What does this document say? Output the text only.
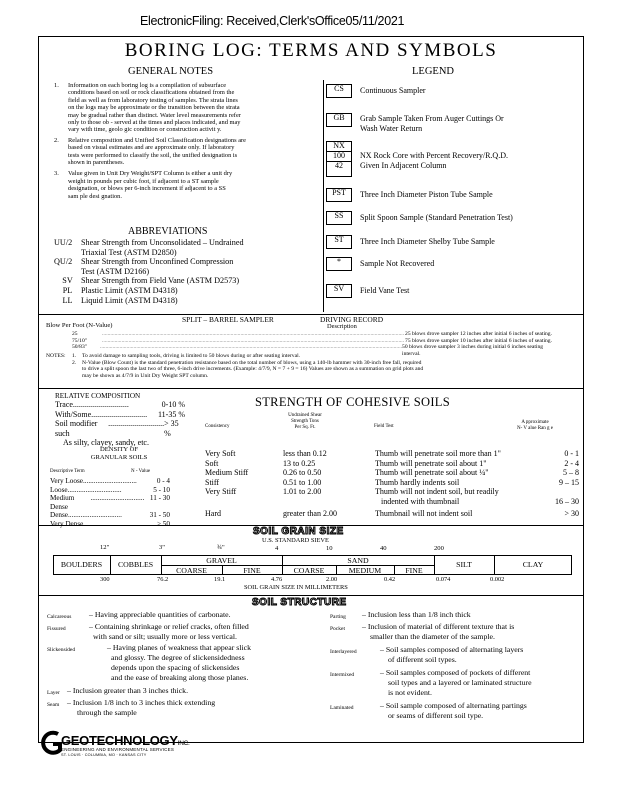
ElectronicFiling: Received,Clerk'sOffice05/11/2021
BORING LOG: TERMS AND SYMBOLS
GENERAL NOTES
1.	Information on each boring log is a compilation of subsurface
conditions based on soil or rock classifications obtained from the
field as well as from laboratory testing of samples. The strata lines
on the logs may be approximate or the transition between the strata
may be gradual rather than distinct. Water level measurements refer
only to those ob - served at the times and places indicated, and may
vary with time, geolo gic condition or construction activit y.
2.	Relative composition and Unified Soil Classification designations are
based on visual estimates and are approximate only. If laboratory
tests were performed to classify the soil, the unified designation is
shown in parentheses.
3.	Value given in Unit Dry Weight/SPT Column is either a unit dry
weight in pounds per cubic foot, if adjacent to a ST sample
designation, or blows per 6-inch increment if adjacent to a SS
sam ple desi gnation.
ABBREVIATIONS
UU/2	Shear Strength from Unconsolidated – Undrained
Triaxial Test (ASTM D2850)
QU/2	Shear Strength from Unconfined Compression
Test (ASTM D2166)
SV	Shear Strength from Field Vane (ASTM D2573)
PL	Plastic Limit (ASTM D4318)
LL	Liquid Limit (ASTM D4318)
LEGEND
CS	Continuous Sampler
GB	Grab Sample Taken From Auger Cuttings Or
Wash Water Return
NX
100
42
NX Rock Core with Percent Recovery/R.Q.D.
Given In Adjacent Column
PST	Three Inch Diameter Piston Tube Sample
SS	Split Spoon Sample (Standard Penetration Test)
ST	Three Inch Diameter Shelby Tube Sample
*	Sample Not Recovered
SV	Field Vane Test
SPLIT – BARREL SAMPLER	DRIVING RECORD
Description
Blow Per Foot (N-Value)
25	........................................................................................................................................................................................................................ 25 blows drove sampler 12 inches after initial 6 inches of seating.
75/10"	........................................................................................................................................................................................................................ 75 blows drove sampler 10 inches after initial 6 inches of seating.
50/83"	........................................................................................................................................................................................................................ 50 blows drove sampler 3 inches during initial 6 inches seating interval.
NOTES:	1.	To avoid damage to sampling tools, driving is limited to 50 blows during or after seating interval.
2.	N-Value (Blow Count) is the standard penetration resistance based on the total number of blows, using a 140-lb hammer with 30-inch free fall, required
to drive a split spoon the last two of three, 6-inch drive increments. (Example: 4/7/9, N = 7 + 9 = 16) Values are shown as a summation on grid plots and
may be shown as 4/7/9 in Unit Dry Weight SPT column.
RELATIVE COMPOSITION
Trace ............................	0-10 %
With/Some ............................	11-35 %
Soil modifier such
............................ > 35 %
As silty, clayey, sandy, etc.
DENSITY OF
GRANULAR SOILS
Descriptive Term	N - Value
Very Loose ..............................	0 - 4
Loose ..............................	5 - 10
Medium Dense
.............................. 11 - 30
Dense ..............................	31 - 50
Very Dense ..............................	> 50
STRENGTH OF COHESIVE SOILS
Consistency
Undrained Shear
Strength Tons
Per Sq. Ft.	Field Test
A pproximate
N- V alue Ran g e
Very Soft	less than 0.12	Thumb will penetrate soil more than 1"	0 - 1
Soft	13 to 0.25	Thumb will penetrate soil about 1"	2 - 4
Medium Stiff	0.26 to 0.50	Thumb will penetrate soil about ¼"	5 – 8
Stiff	0.51 to 1.00	Thumb hardly indents soil	9 – 15
Very Stiff	1.01 to 2.00	Thumb will not indent soil, but readily
indented with thumbnail	16 – 30
Hard	greater than 2.00	Thumbnail will not indent soil	> 30
SOIL GRAIN SIZE
U.S. STANDARD SIEVE
12"	3"	¾"	4	10	40	200
BOULDERS	COBBLES	GRAVEL	SAND	SILT	CLAY
COARSE	FINE	COARSE	MEDIUM	FINE
300	76.2	19.1	4.76	2.00	0.42	0.074	0.002
SOIL GRAIN SIZE IN MILLIMETERS
SOIL STRUCTURE
Calcareous	– Having appreciable quantities of carbonate.
Fissured	– Containing shrinkage or relief cracks, often filled
with sand or silt; usually more or less vertical.
Slickensided	– Having planes of weakness that appear slick
and glossy. The degree of slickensidedness
depends upon the spacing of slickensides
and the ease of breaking along those planes.
Layer – Inclusion greater than 3 inches thick.
Seam – Inclusion 1/8 inch to 3 inches thick extending
through the sample
Parting	– Inclusion less than 1/8 inch thick
Pocket	– Inclusion of material of different texture that is
smaller than the diameter of the sample.
Interlayered	– Soil samples composed of alternating layers
of different soil types.
Intermixed	– Soil samples composed of pockets of different
soil types and a layered or laminated structure
is not evident.
Laminated	– Soil sample composed of alternating partings
or seams of different soil type.
GEOTECHNOLOGYINC.
ENGINEERING AND ENVIRONMENTAL SERVICES
ST. LOUIS · COLUMBIA, MO · KANSAS CITY
